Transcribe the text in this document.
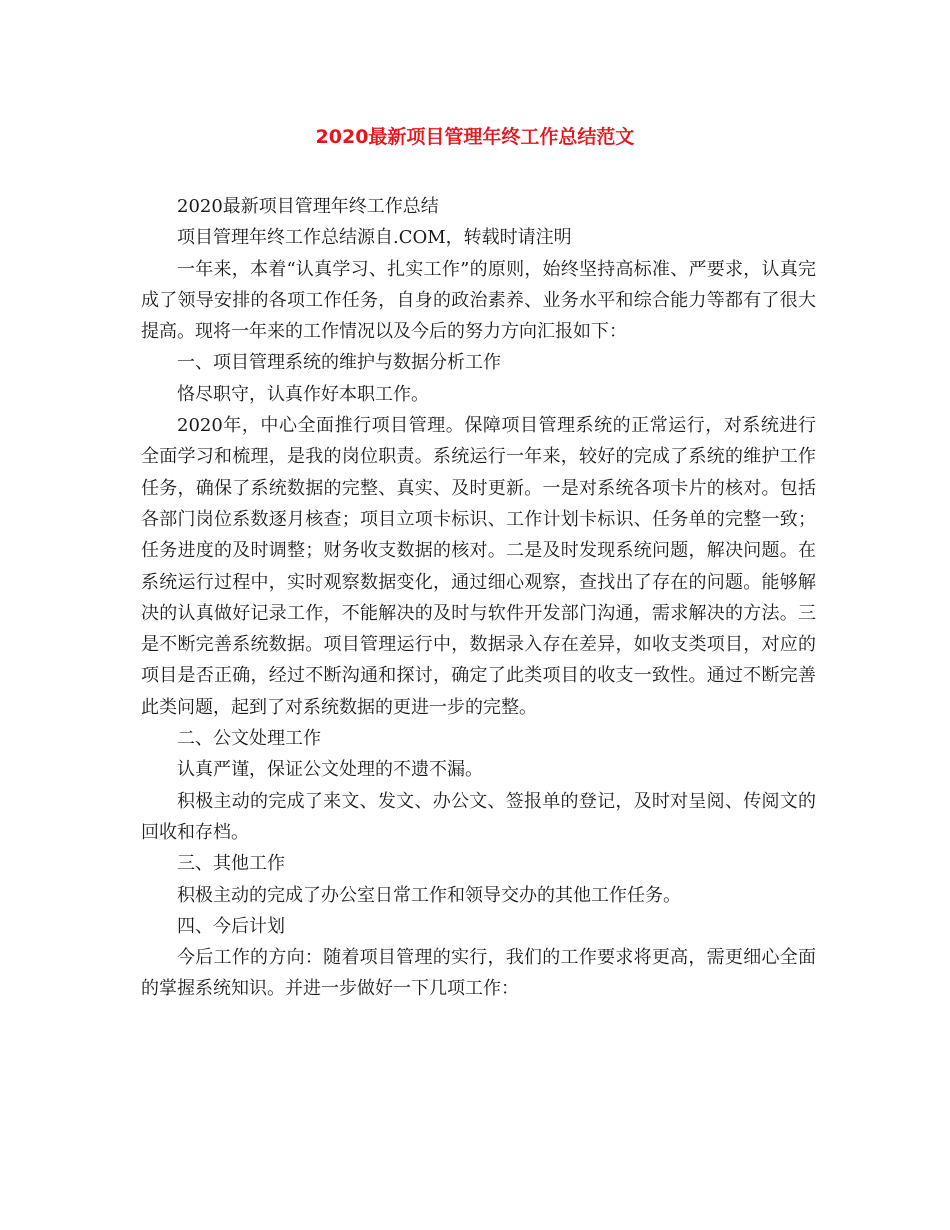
2020最新项目管理年终工作总结范文

2020最新项目管理年终工作总结

项目管理年终工作总结源自.COM，转载时请注明

一年来，本着“认真学习、扎实工作”的原则，始终坚持高标准、严要求，认真完成了领导安排的各项工作任务，自身的政治素养、业务水平和综合能力等都有了很大提高。现将一年来的工作情况以及今后的努力方向汇报如下：

一、项目管理系统的维护与数据分析工作

恪尽职守，认真作好本职工作。

2020年，中心全面推行项目管理。保障项目管理系统的正常运行，对系统进行全面学习和梳理，是我的岗位职责。系统运行一年来，较好的完成了系统的维护工作任务，确保了系统数据的完整、真实、及时更新。一是对系统各项卡片的核对。包括各部门岗位系数逐月核查；项目立项卡标识、工作计划卡标识、任务单的完整一致；任务进度的及时调整；财务收支数据的核对。二是及时发现系统问题，解决问题。在系统运行过程中，实时观察数据变化，通过细心观察，查找出了存在的问题。能够解决的认真做好记录工作，不能解决的及时与软件开发部门沟通，需求解决的方法。三是不断完善系统数据。项目管理运行中，数据录入存在差异，如收支类项目，对应的项目是否正确，经过不断沟通和探讨，确定了此类项目的收支一致性。通过不断完善此类问题，起到了对系统数据的更进一步的完整。

二、公文处理工作

认真严谨，保证公文处理的不遗不漏。

积极主动的完成了来文、发文、办公文、签报单的登记，及时对呈阅、传阅文的回收和存档。

三、其他工作

积极主动的完成了办公室日常工作和领导交办的其他工作任务。

四、今后计划

今后工作的方向：随着项目管理的实行，我们的工作要求将更高，需更细心全面的掌握系统知识。并进一步做好一下几项工作：
